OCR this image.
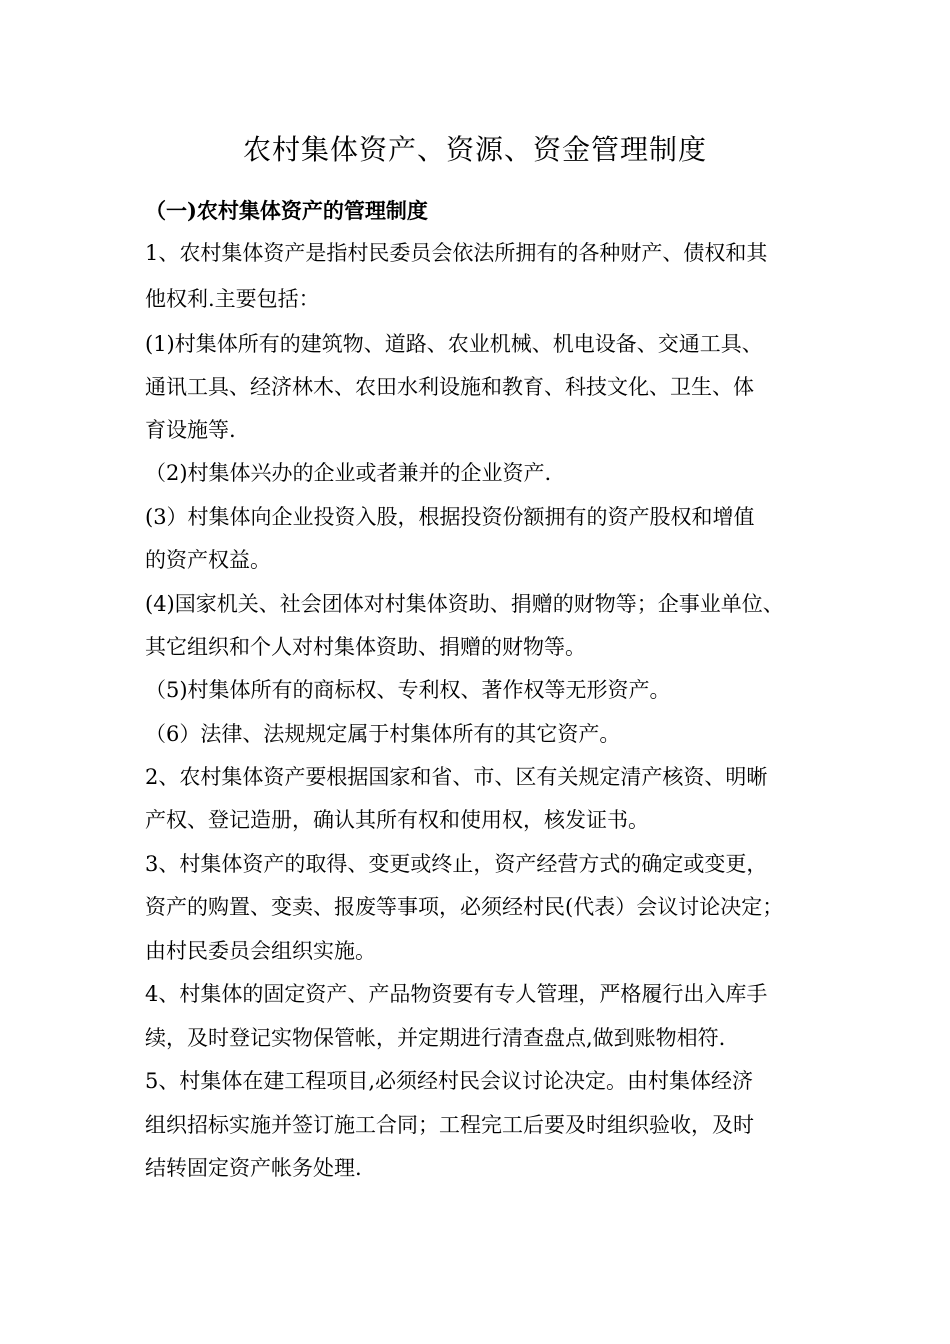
农村集体资产、资源、资金管理制度
（一)农村集体资产的管理制度
1、农村集体资产是指村民委员会依法所拥有的各种财产、债权和其
他权利.主要包括：
(1)村集体所有的建筑物、道路、农业机械、机电设备、交通工具、
通讯工具、经济林木、农田水利设施和教育、科技文化、卫生、体
育设施等.
（2)村集体兴办的企业或者兼并的企业资产.
(3）村集体向企业投资入股，根据投资份额拥有的资产股权和增值
的资产权益。
(4)国家机关、社会团体对村集体资助、捐赠的财物等；企事业单位、
其它组织和个人对村集体资助、捐赠的财物等。
（5)村集体所有的商标权、专利权、著作权等无形资产。
（6）法律、法规规定属于村集体所有的其它资产。
2、农村集体资产要根据国家和省、市、区有关规定清产核资、明晰
产权、登记造册，确认其所有权和使用权，核发证书。
3、村集体资产的取得、变更或终止，资产经营方式的确定或变更，
资产的购置、变卖、报废等事项，必须经村民(代表）会议讨论决定；
由村民委员会组织实施。
4、村集体的固定资产、产品物资要有专人管理，严格履行出入库手
续，及时登记实物保管帐，并定期进行清查盘点,做到账物相符.
5、村集体在建工程项目,必须经村民会议讨论决定。由村集体经济
组织招标实施并签订施工合同；工程完工后要及时组织验收，及时
结转固定资产帐务处理.
